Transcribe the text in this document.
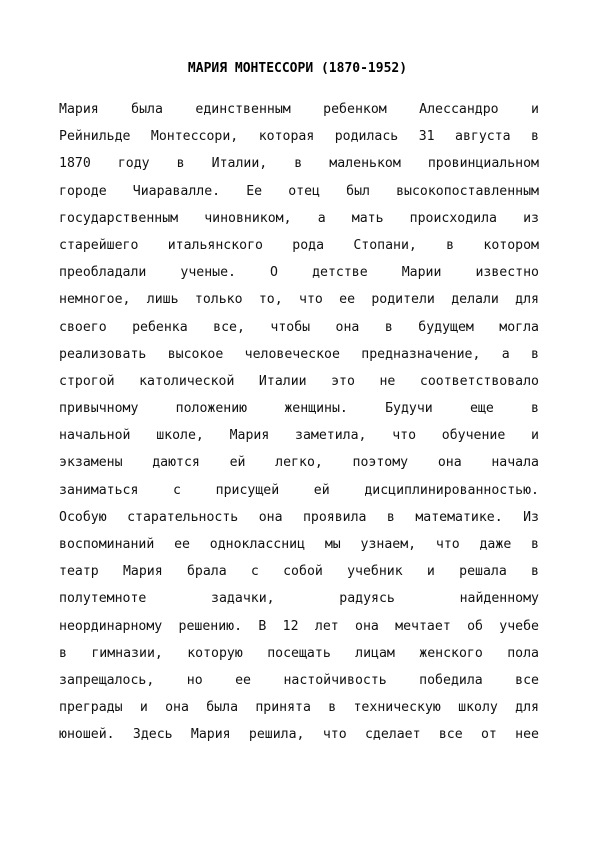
МАРИЯ МОНТЕССОРИ (1870-1952)
Мария была единственным ребенком Алессандро и
Рейнильде Монтессори, которая родилась 31 августа в
1870 году в Италии, в маленьком провинциальном
городе Чиаравалле. Ее отец был высокопоставленным
государственным чиновником, а мать происходила из
старейшего итальянского рода Стопани, в котором
преобладали ученые. О детстве Марии известно
немногое, лишь только то, что ее родители делали для
своего ребенка все, чтобы она в будущем могла
реализовать высокое человеческое предназначение, а в
строгой католической Италии это не соответствовало
привычному положению женщины. Будучи еще в
начальной школе, Мария заметила, что обучение и
экзамены даются ей легко, поэтому она начала
заниматься с присущей ей дисциплинированностью.
Особую старательность она проявила в математике. Из
воспоминаний ее одноклассниц мы узнаем, что даже в
театр Мария брала с собой учебник и решала в
полутемноте задачки, радуясь найденному
неординарному решению. В 12 лет она мечтает об учебе
в гимназии, которую посещать лицам женского пола
запрещалось, но ее настойчивость победила все
преграды и она была принята в техническую школу для
юношей. Здесь Мария решила, что сделает все от нее
